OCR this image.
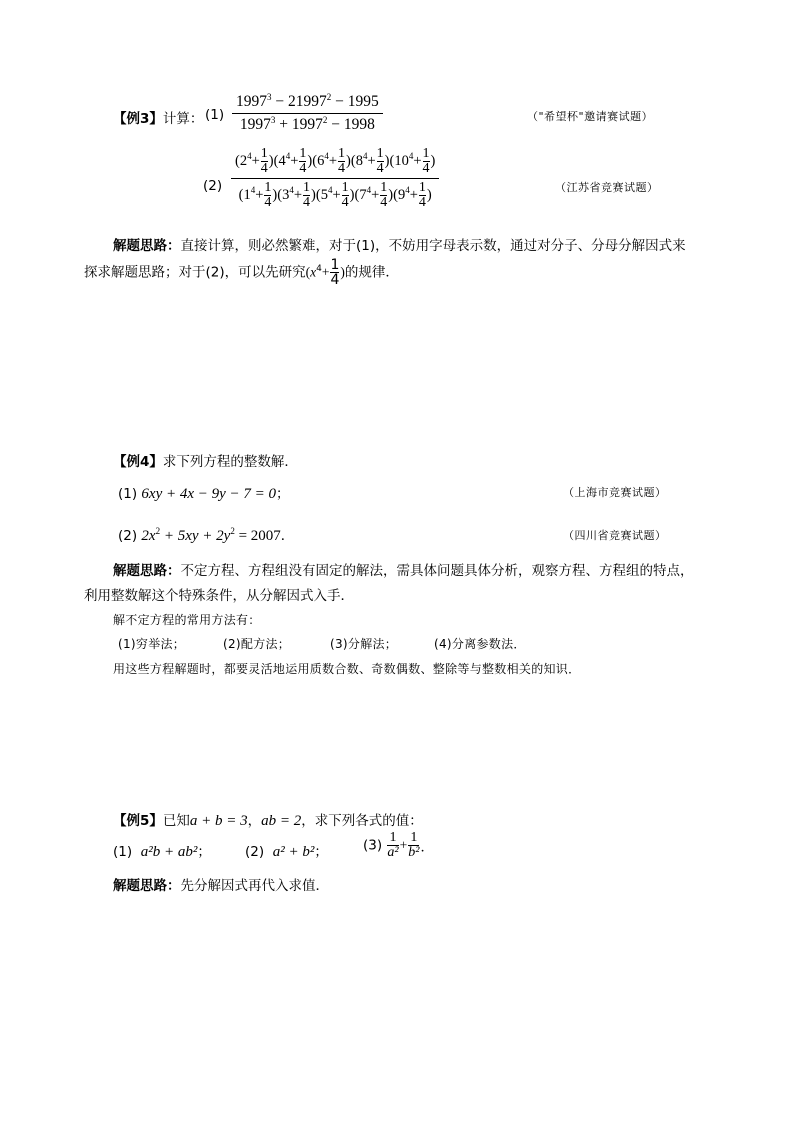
【例3】计算： $(1) \frac{1997^3 - 21997^2 - 1995}{1997^3 + 1997^2 - 1998}$	（"希望杯"邀请赛试题）
$(2) \frac{(2^4+ \frac{1}{4} )(4^4+ \frac{1}{4} )(6^4+ \frac{1}{4} )(8^4+ \frac{1}{4} )(10^4+ \frac{1}{4} )}{(1^4+ \frac{1}{4} )(3^4+ \frac{1}{4} )(5^4+ \frac{1}{4} )(7^4+ \frac{1}{4} )(9^4+ \frac{1}{4} )}$	（江苏省竞赛试题）
解题思路：直接计算，则必然繁难，对于(1)，不妨用字母表示数，通过对分子、分母分解因式来
探求解题思路；对于(2)，可以先研究($x^4+ \frac{1}{4}$ )的规律．
【例4】求下列方程的整数解．
(1) 6xy + 4x − 9y − 7 = 0；	（上海市竞赛试题）
(2) $2x^2 + 5xy + 2y^2 = 2007$．	（四川省竞赛试题）
解题思路：不定方程、方程组没有固定的解法，需具体问题具体分析，观察方程、方程组的特点，
利用整数解这个特殊条件，从分解因式入手．
解不定方程的常用方法有：
(1)穷举法；	(2)配方法；	(3)分解法；	(4)分离参数法．
用这些方程解题时，都要灵活地运用质数合数、奇数偶数、整除等与整数相关的知识．
【例5】已知a + b = 3，ab = 2，求下列各式的值：
(1) a²b + ab²；	(2) a² + b²；	$(3) \frac{1}{\text{a²}} + \frac{1}{\text{b²}}$ ．
解题思路：先分解因式再代入求值．
